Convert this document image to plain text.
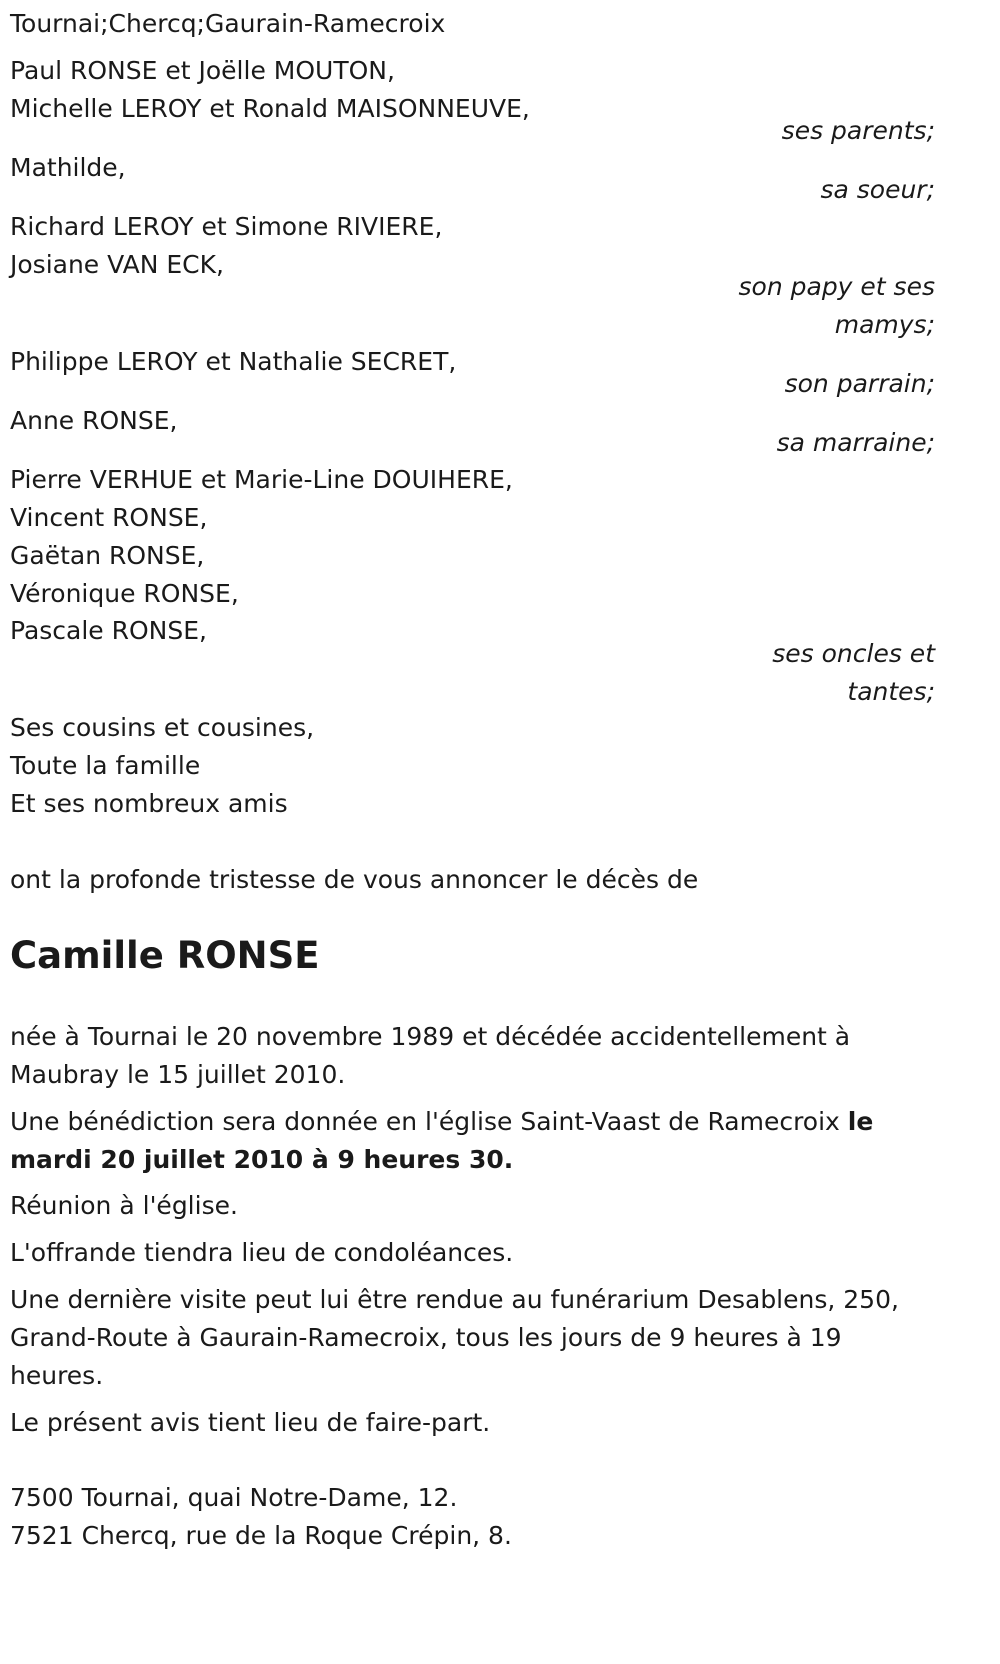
Tournai;Chercq;Gaurain-Ramecroix
Paul RONSE et Joëlle MOUTON,
Michelle LEROY et Ronald MAISONNEUVE,
ses parents;
Mathilde,
sa soeur;
Richard LEROY et Simone RIVIERE,
Josiane VAN ECK,
son papy et ses
mamys;
Philippe LEROY et Nathalie SECRET,
son parrain;
Anne RONSE,
sa marraine;
Pierre VERHUE et Marie-Line DOUIHERE,
Vincent RONSE,
Gaëtan RONSE,
Véronique RONSE,
Pascale RONSE,
ses oncles et
tantes;
Ses cousins et cousines,
Toute la famille
Et ses nombreux amis
ont la profonde tristesse de vous annoncer le décès de
Camille RONSE
née à Tournai le 20 novembre 1989 et décédée accidentellement à Maubray le 15 juillet 2010.
Une bénédiction sera donnée en l'église Saint-Vaast de Ramecroix le mardi 20 juillet 2010 à 9 heures 30.
Réunion à l'église.
L'offrande tiendra lieu de condoléances.
Une dernière visite peut lui être rendue au funérarium Desablens, 250, Grand-Route à Gaurain-Ramecroix, tous les jours de 9 heures à 19 heures.
Le présent avis tient lieu de faire-part.
7500 Tournai, quai Notre-Dame, 12.
7521 Chercq, rue de la Roque Crépin, 8.
